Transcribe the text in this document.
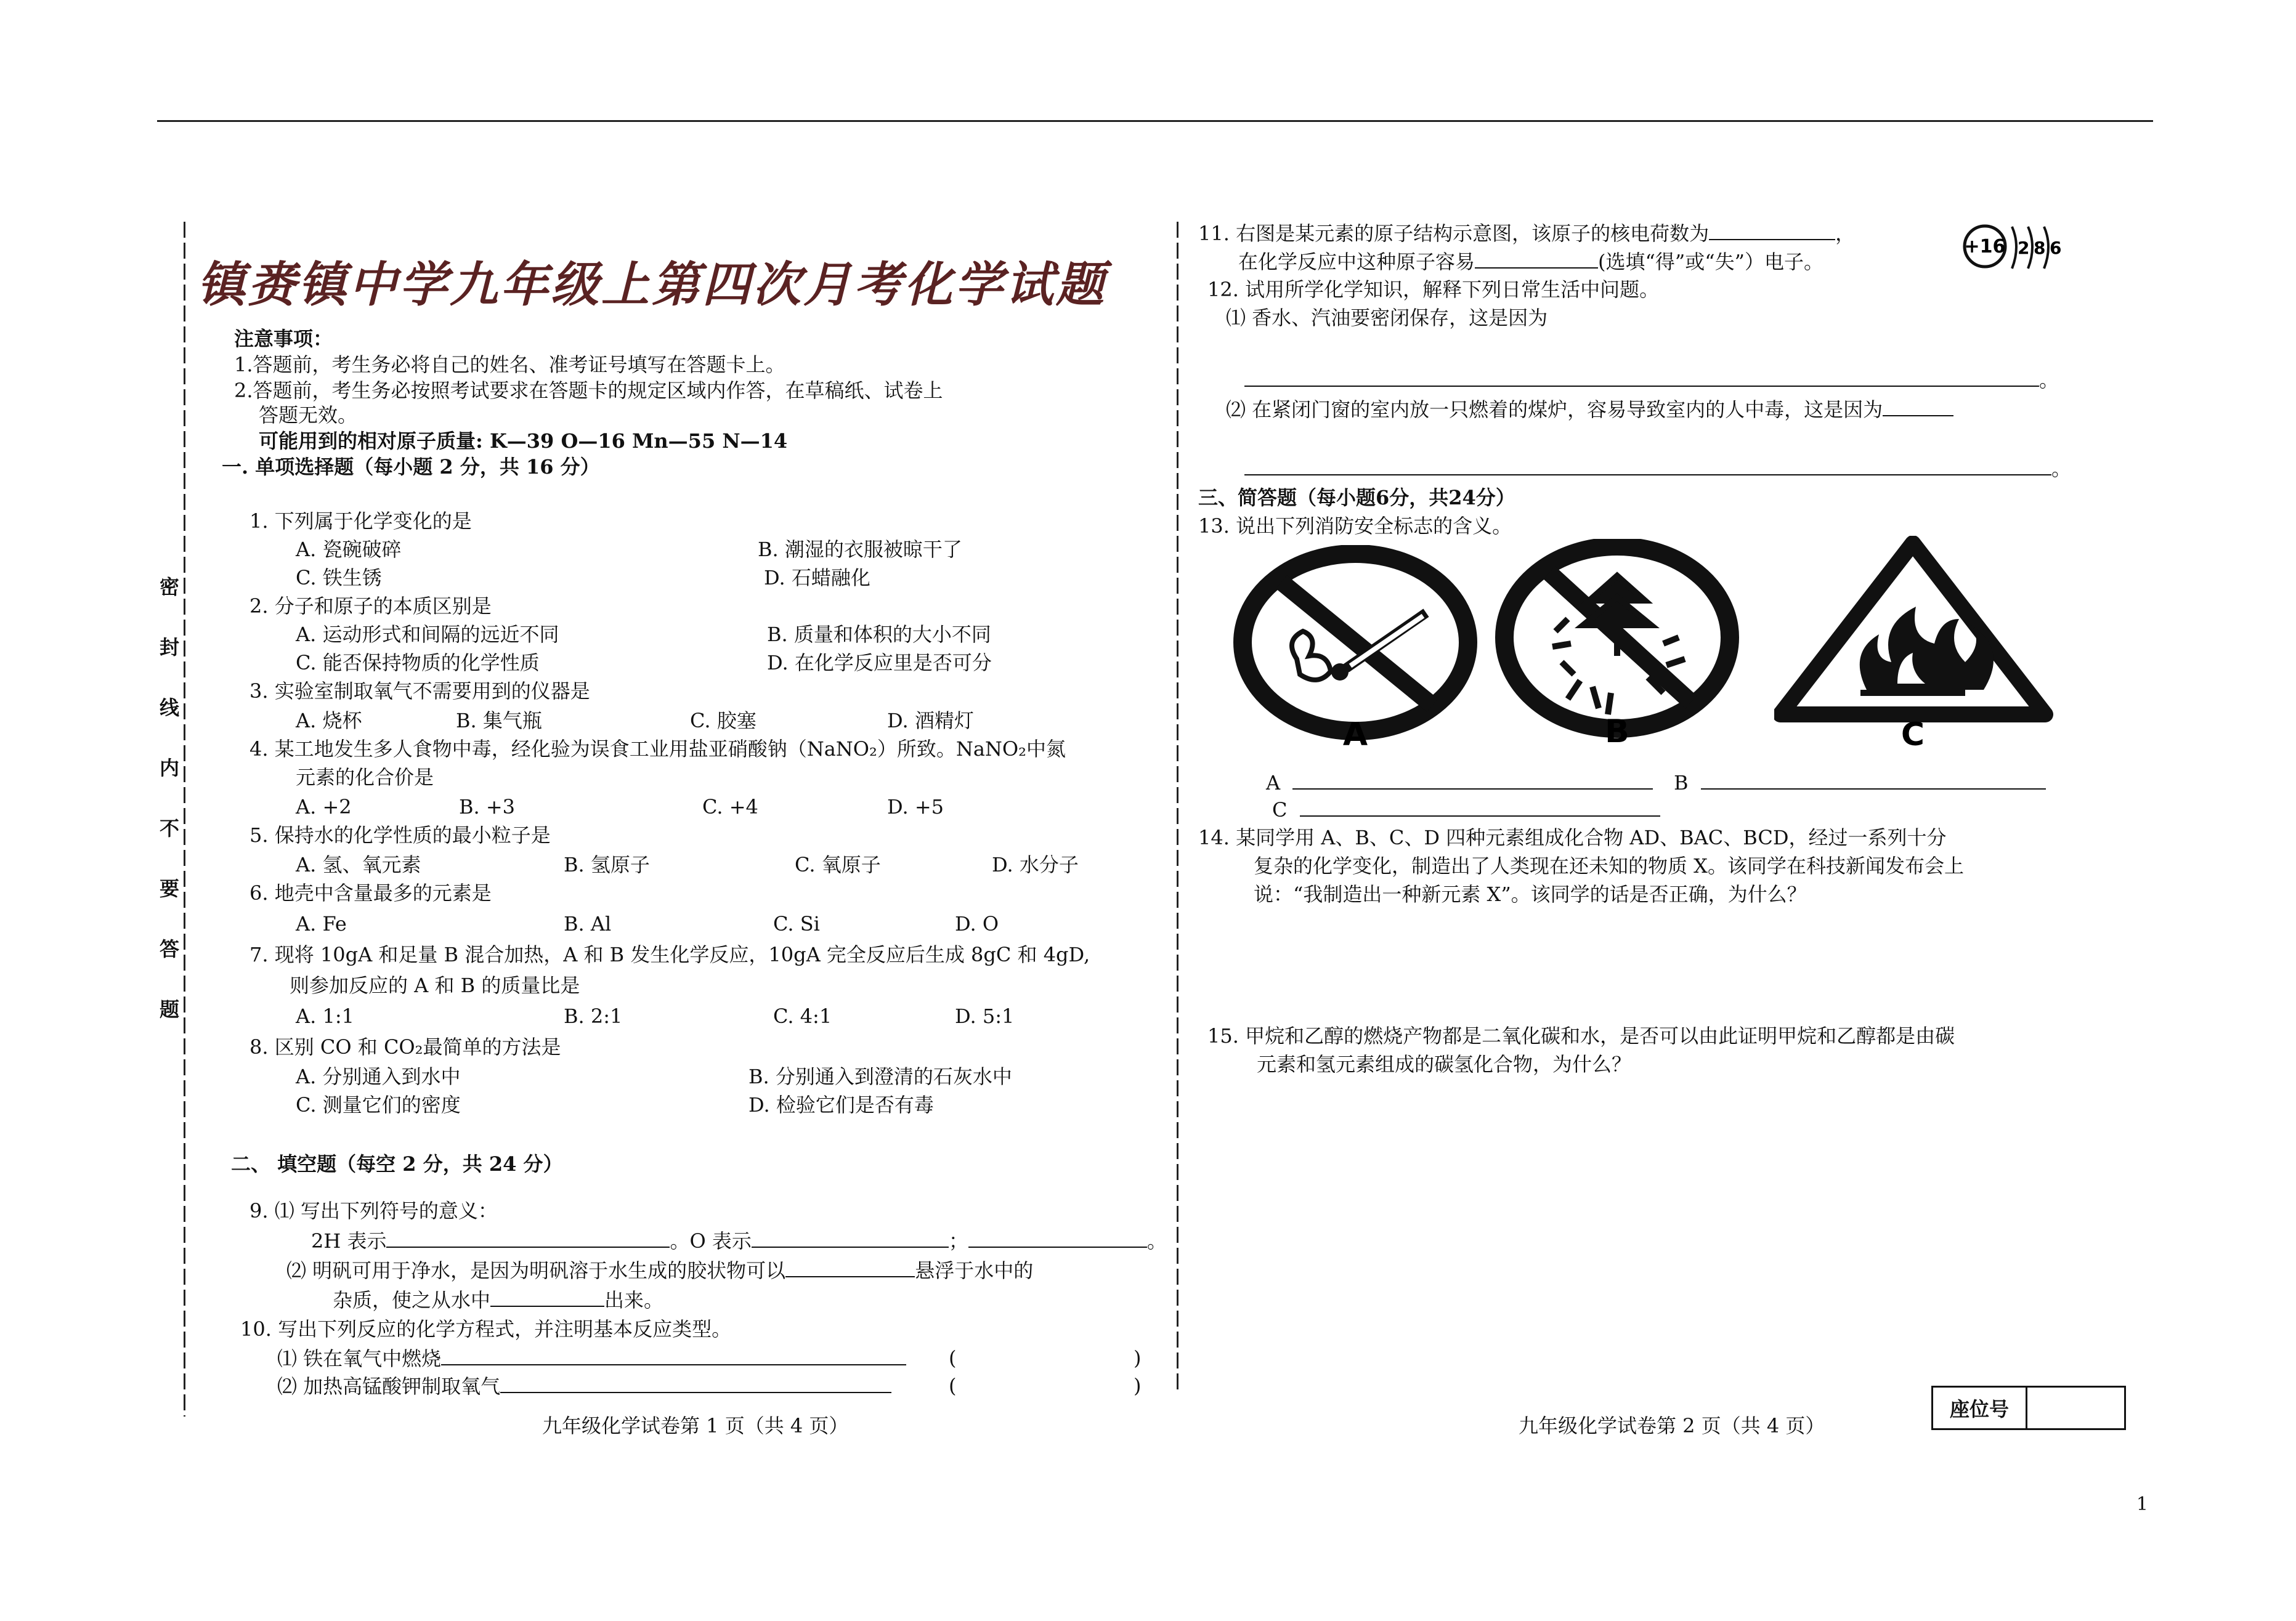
密
封
线
内
不
要
答
题
镇赉镇中学九年级上第四次月考化学试题
注意事项：
1.答题前，考生务必将自己的姓名、准考证号填写在答题卡上。
2.答题前，考生务必按照考试要求在答题卡的规定区域内作答，在草稿纸、试卷上
答题无效。
可能用到的相对原子质量: K—39 O—16 Mn—55 N—14
一. 单项选择题（每小题 2 分，共 16 分）
1. 下列属于化学变化的是
A. 瓷碗破碎	B. 潮湿的衣服被晾干了
C. 铁生锈	D. 石蜡融化
2. 分子和原子的本质区别是
A. 运动形式和间隔的远近不同	B. 质量和体积的大小不同
C. 能否保持物质的化学性质	D. 在化学反应里是否可分
3. 实验室制取氧气不需要用到的仪器是
A. 烧杯	B. 集气瓶	C. 胶塞	D. 酒精灯
4. 某工地发生多人食物中毒，经化验为误食工业用盐亚硝酸钠（NaNO₂）所致。NaNO₂中氮
元素的化合价是
A. +2	B. +3	C. +4	D. +5
5. 保持水的化学性质的最小粒子是
A. 氢、氧元素	B. 氢原子	C. 氧原子	D. 水分子
6. 地壳中含量最多的元素是
A. Fe	B. Al	C. Si	D. O
7. 现将 10gA 和足量 B 混合加热，A 和 B 发生化学反应，10gA 完全反应后生成 8gC 和 4gD,
则参加反应的 A 和 B 的质量比是
A. 1:1	B. 2:1	C. 4:1	D. 5:1
8. 区别 CO 和 CO₂最简单的方法是
A. 分别通入到水中	B. 分别通入到澄清的石灰水中
C. 测量它们的密度	D. 检验它们是否有毒
二、 填空题（每空 2 分，共 24 分）
9. ⑴ 写出下列符号的意义：
2H 表示	。O 表示	；	。
⑵ 明矾可用于净水，是因为明矾溶于水生成的胶状物可以	悬浮于水中的
杂质，使之从水中	出来。
10. 写出下列反应的化学方程式，并注明基本反应类型。
⑴ 铁在氧气中燃烧	(	)
⑵ 加热高锰酸钾制取氧气	(	)
九年级化学试卷第 1 页（共 4 页）
11. 右图是某元素的原子结构示意图，该原子的核电荷数为	，
在化学反应中这种原子容易	(选填“得”或“失”）电子。
+16 2 8 6
12. 试用所学化学知识，解释下列日常生活中问题。
⑴ 香水、汽油要密闭保存，这是因为
。
⑵ 在紧闭门窗的室内放一只燃着的煤炉，容易导致室内的人中毒，这是因为
。
三、简答题（每小题6分，共24分）
13. 说出下列消防安全标志的含义。
A	B	C
A	B
C
14. 某同学用 A、B、C、D 四种元素组成化合物 AD、BAC、BCD，经过一系列十分
复杂的化学变化，制造出了人类现在还未知的物质 X。该同学在科技新闻发布会上
说：“我制造出一种新元素 X”。该同学的话是否正确，为什么？
15. 甲烷和乙醇的燃烧产物都是二氧化碳和水，是否可以由此证明甲烷和乙醇都是由碳
元素和氢元素组成的碳氢化合物，为什么？
九年级化学试卷第 2 页（共 4 页）
座位号
1
